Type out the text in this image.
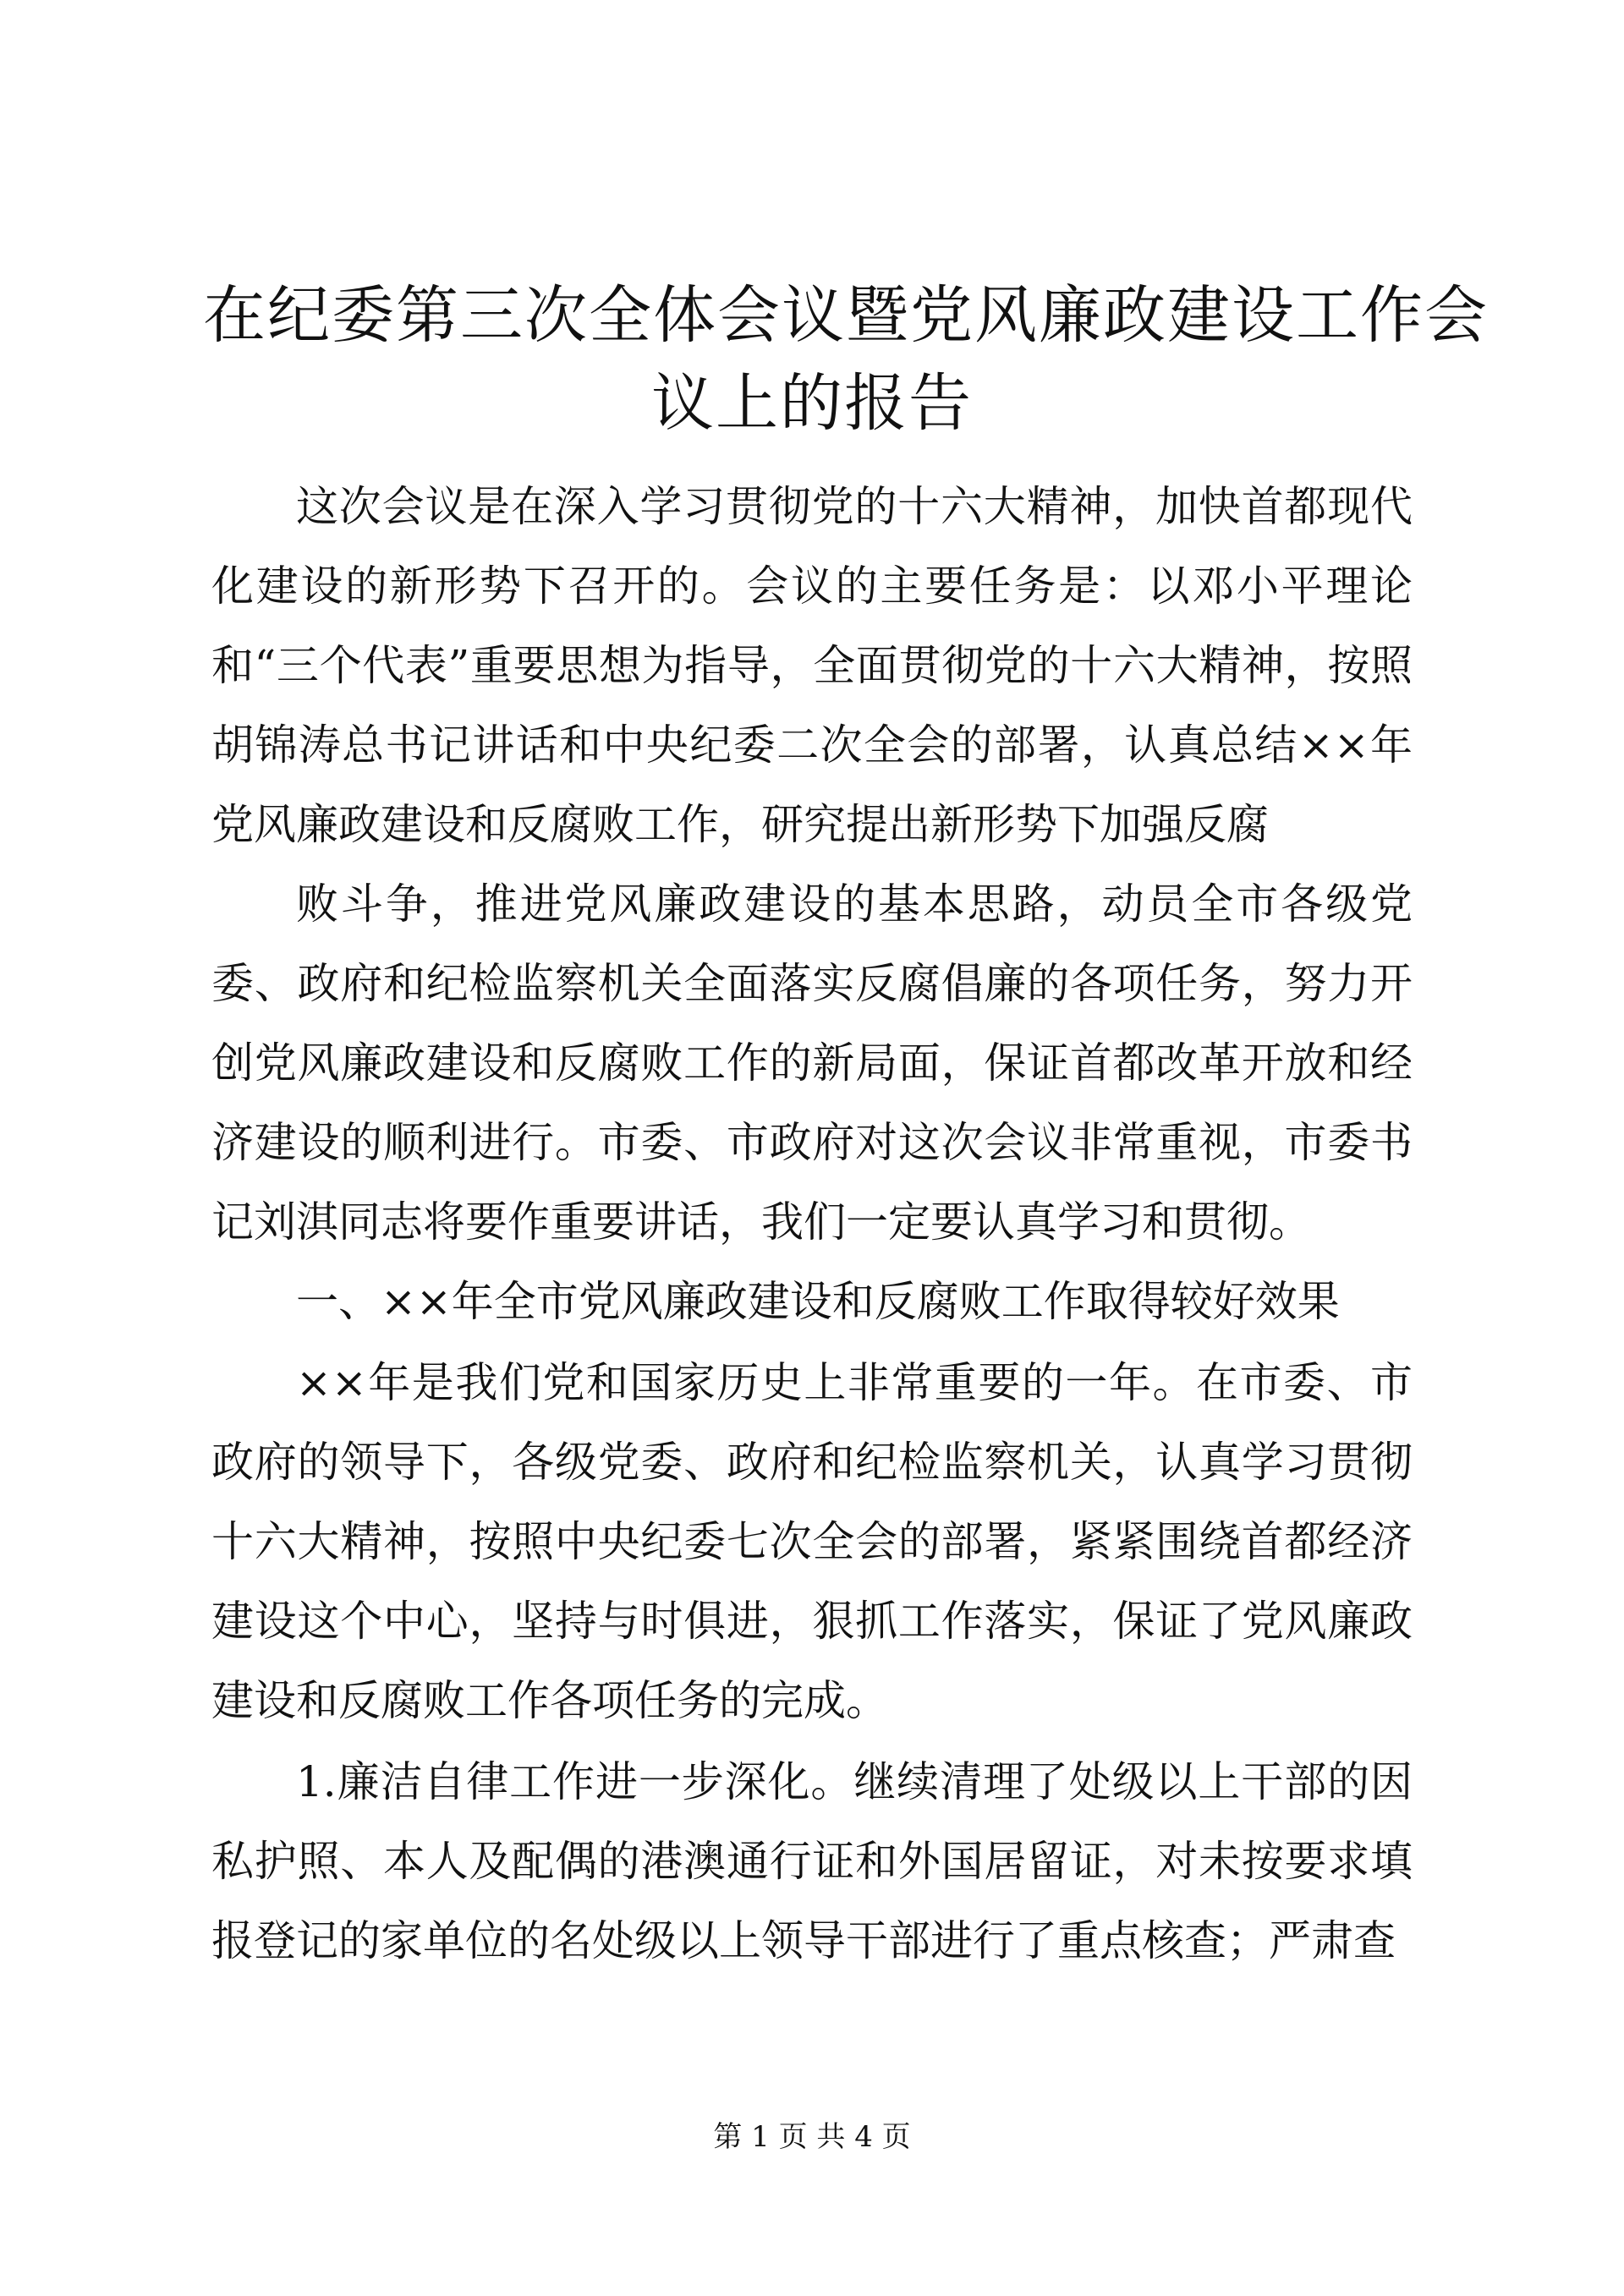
在纪委第三次全体会议暨党风廉政建设工作会
议上的报告

这次会议是在深入学习贯彻党的十六大精神，加快首都现代化建设的新形势下召开的。会议的主要任务是：以邓小平理论和“三个代表”重要思想为指导，全面贯彻党的十六大精神，按照胡锦涛总书记讲话和中央纪委二次全会的部署，认真总结××年党风廉政建设和反腐败工作，研究提出新形势下加强反腐

败斗争，推进党风廉政建设的基本思路，动员全市各级党委、政府和纪检监察机关全面落实反腐倡廉的各项任务，努力开创党风廉政建设和反腐败工作的新局面，保证首都改革开放和经济建设的顺利进行。市委、市政府对这次会议非常重视，市委书记刘淇同志将要作重要讲话，我们一定要认真学习和贯彻。

一、××年全市党风廉政建设和反腐败工作取得较好效果

××年是我们党和国家历史上非常重要的一年。在市委、市政府的领导下，各级党委、政府和纪检监察机关，认真学习贯彻十六大精神，按照中央纪委七次全会的部署，紧紧围绕首都经济建设这个中心，坚持与时俱进，狠抓工作落实，保证了党风廉政建设和反腐败工作各项任务的完成。

1.廉洁自律工作进一步深化。继续清理了处级以上干部的因私护照、本人及配偶的港澳通行证和外国居留证，对未按要求填报登记的家单位的名处级以上领导干部进行了重点核查；严肃查

第 1 页 共 4 页
